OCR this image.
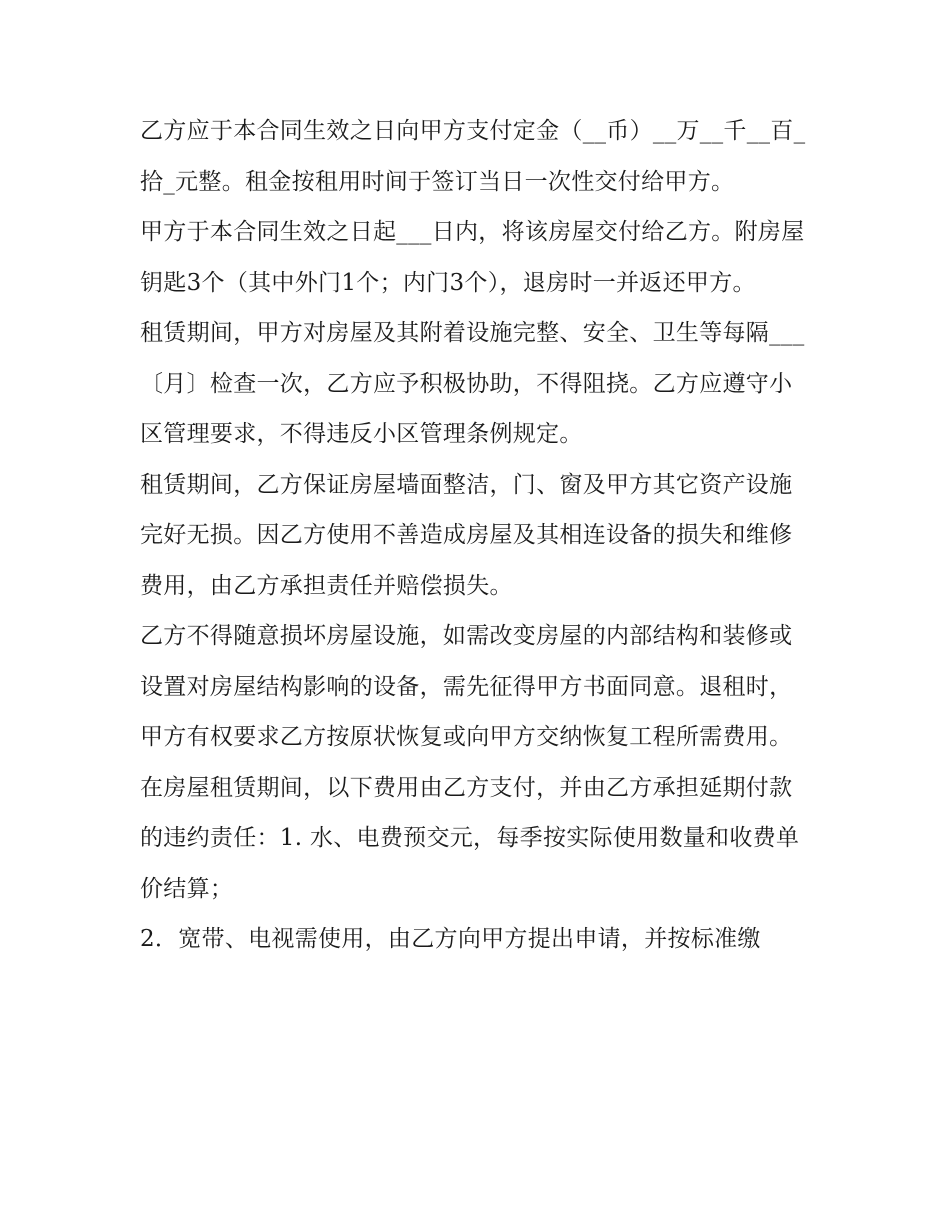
乙方应于本合同生效之日向甲方支付定金（__币）__万__千__百_拾_元整。租金按租用时间于签订当日一次性交付给甲方。

甲方于本合同生效之日起___日内，将该房屋交付给乙方。附房屋钥匙3个（其中外门1个；内门3个），退房时一并返还甲方。

租赁期间，甲方对房屋及其附着设施完整、安全、卫生等每隔___〔月〕检查一次，乙方应予积极协助，不得阻挠。乙方应遵守小区管理要求，不得违反小区管理条例规定。

租赁期间，乙方保证房屋墙面整洁，门、窗及甲方其它资产设施完好无损。因乙方使用不善造成房屋及其相连设备的损失和维修费用，由乙方承担责任并赔偿损失。

乙方不得随意损坏房屋设施，如需改变房屋的内部结构和装修或设置对房屋结构影响的设备，需先征得甲方书面同意。退租时，甲方有权要求乙方按原状恢复或向甲方交纳恢复工程所需费用。

在房屋租赁期间，以下费用由乙方支付，并由乙方承担延期付款的违约责任：1. 水、电费预交元，每季按实际使用数量和收费单价结算；

2．宽带、电视需使用，由乙方向甲方提出申请，并按标准缴
